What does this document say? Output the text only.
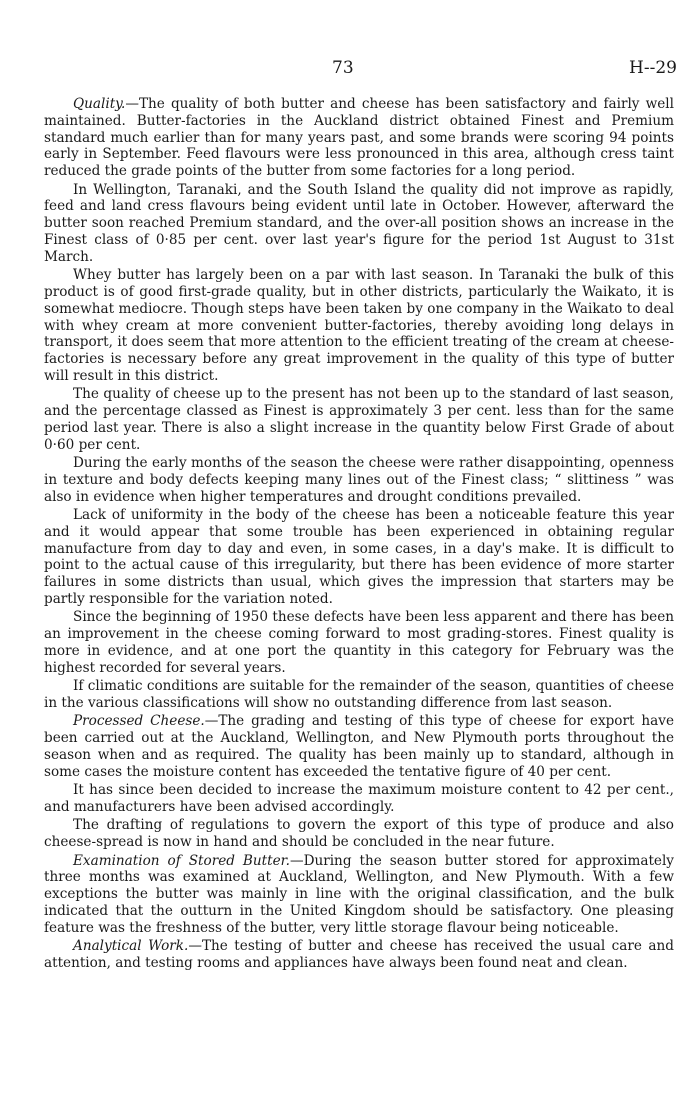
73	H--29

Quality.—The quality of both butter and cheese has been satisfactory and fairly well maintained. Butter-factories in the Auckland district obtained Finest and Premium standard much earlier than for many years past, and some brands were scoring 94 points early in September. Feed flavours were less pronounced in this area, although cress taint reduced the grade points of the butter from some factories for a long period.

In Wellington, Taranaki, and the South Island the quality did not improve as rapidly, feed and land cress flavours being evident until late in October. However, afterward the butter soon reached Premium standard, and the over-all position shows an increase in the Finest class of 0·85 per cent. over last year's figure for the period 1st August to 31st March.

Whey butter has largely been on a par with last season. In Taranaki the bulk of this product is of good first-grade quality, but in other districts, particularly the Waikato, it is somewhat mediocre. Though steps have been taken by one company in the Waikato to deal with whey cream at more convenient butter-factories, thereby avoiding long delays in transport, it does seem that more attention to the efficient treating of the cream at cheese-factories is necessary before any great improvement in the quality of this type of butter will result in this district.

The quality of cheese up to the present has not been up to the standard of last season, and the percentage classed as Finest is approximately 3 per cent. less than for the same period last year. There is also a slight increase in the quantity below First Grade of about 0·60 per cent.

During the early months of the season the cheese were rather disappointing, openness in texture and body defects keeping many lines out of the Finest class; “ slittiness ” was also in evidence when higher temperatures and drought conditions prevailed.

Lack of uniformity in the body of the cheese has been a noticeable feature this year and it would appear that some trouble has been experienced in obtaining regular manufacture from day to day and even, in some cases, in a day's make. It is difficult to point to the actual cause of this irregularity, but there has been evidence of more starter failures in some districts than usual, which gives the impression that starters may be partly responsible for the variation noted.

Since the beginning of 1950 these defects have been less apparent and there has been an improvement in the cheese coming forward to most grading-stores. Finest quality is more in evidence, and at one port the quantity in this category for February was the highest recorded for several years.

If climatic conditions are suitable for the remainder of the season, quantities of cheese in the various classifications will show no outstanding difference from last season.

Processed Cheese.—The grading and testing of this type of cheese for export have been carried out at the Auckland, Wellington, and New Plymouth ports throughout the season when and as required. The quality has been mainly up to standard, although in some cases the moisture content has exceeded the tentative figure of 40 per cent.

It has since been decided to increase the maximum moisture content to 42 per cent., and manufacturers have been advised accordingly.

The drafting of regulations to govern the export of this type of produce and also cheese-spread is now in hand and should be concluded in the near future.

Examination of Stored Butter.—During the season butter stored for approximately three months was examined at Auckland, Wellington, and New Plymouth. With a few exceptions the butter was mainly in line with the original classification, and the bulk indicated that the outturn in the United Kingdom should be satisfactory. One pleasing feature was the freshness of the butter, very little storage flavour being noticeable.

Analytical Work.—The testing of butter and cheese has received the usual care and attention, and testing rooms and appliances have always been found neat and clean.
